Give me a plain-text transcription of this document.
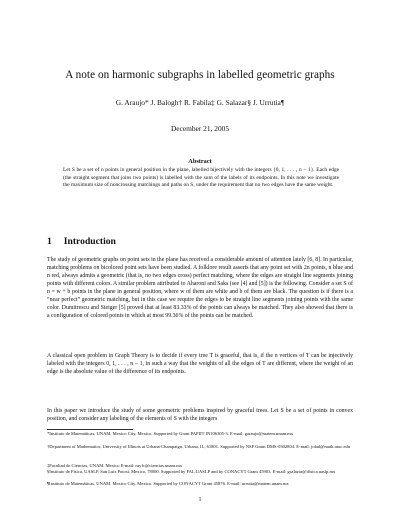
A note on harmonic subgraphs in labelled geometric graphs
G. Araujo* J. Balogh† R. Fabila‡ G. Salazar§ J. Urrutia¶
December 21, 2005
Abstract
Let S be a set of n points in general position in the plane, labelled bijectively with the integers {0, 1, . . . , n − 1}. Each edge (the straight segment that joins two points) is labelled with the sum of the labels of its endpoints. In this note we investigate the maximum size of noncrossing matchings and paths on S, under the requirement that no two edges have the same weight.
1 Introduction
The study of geometric graphs on point sets in the plane has received a considerable amount of attention lately [6, 8]. In particular, matching problems on bicolored point sets have been studied. A folklore result asserts that any point set with 2n points, n blue and n red, always admits a geometric (that is, no two edges cross) perfect matching, where the edges are straight line segments joining points with different colors. A similar problem attributed to Aharoni and Saks (see [4] and [5]) is the following. Consider a set S of n = w + b points in the plane in general position, where w of them are white and b of them are black. The question is if there is a “near perfect” geometric matching, but in this case we require the edges to be straight line segments joining points with the same color. Dumitrescu and Steiger [5] proved that at least 83.33% of the points can always be matched. They also showed that there is a configuration of colored points in which at most 99.36% of the points can be matched.
A classical open problem in Graph Theory is to decide if every tree T is graceful, that is, if the n vertices of T can be injectively labeled with the integers 0, 1, . . . , n − 1, in such a way that the weights of all the edges of T are different, where the weight of an edge is the absolute value of the difference of its endpoints.
In this paper we introduce the study of some geometric problems inspired by graceful trees. Let S be a set of points in convex position, and consider any labeling of the elements of S with the integers
*Instituto de Matemáticas, UNAM. Mexico City, Mexico. Supported by Grant PAPIIT IN106305-3. E-mail: garaujo@matem.unam.mx
†Department of Mathematics, University of Illinois at Urbana-Champaign. Urbana, IL, 61801. Supported by NSF Grant DMS-0302804. E-mail: jobal@math.uiuc.edu
‡Facultad de Ciencias, UNAM. Mexico E-mail: ruyfc@ciencias.unam.mx
§Instituto de Física, UASLP. San Luis Potosí, Mexico, 78000. Supported by FAI–UASLP and by CONACYT Grant 45903. E-mail: gsalazar@ifisica.uaslp.mx
¶Instituto de Matemáticas, UNAM. Mexico City, Mexico. Supported by CONACYT Grant 45876. E-mail: urrutia@matem.unam.mx
1
